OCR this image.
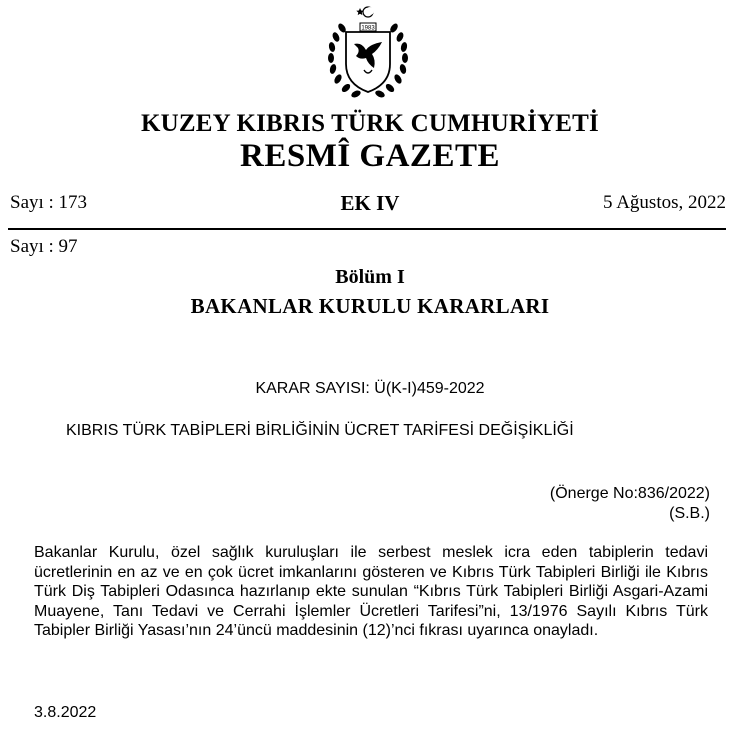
1983
KUZEY KIBRIS TÜRK CUMHURİYETİ
RESMÎ GAZETE
Sayı : 173	EK IV	5 Ağustos, 2022
Sayı : 97
Bölüm I
BAKANLAR KURULU KARARLARI
KARAR SAYISI: Ü(K-I)459-2022
KIBRIS TÜRK TABİPLERİ BİRLİĞİNİN ÜCRET TARİFESİ DEĞİŞİKLİĞİ
(Önerge No:836/2022)
(S.B.)
Bakanlar Kurulu, özel sağlık kuruluşları ile serbest meslek icra eden tabiplerin tedavi ücretlerinin en az ve en çok ücret imkanlarını gösteren ve Kıbrıs Türk Tabipleri Birliği ile Kıbrıs Türk Diş Tabipleri Odasınca hazırlanıp ekte sunulan “Kıbrıs Türk Tabipleri Birliği Asgari-Azami Muayene, Tanı Tedavi ve Cerrahi İşlemler Ücretleri Tarifesi”ni, 13/1976 Sayılı Kıbrıs Türk Tabipler Birliği Yasası’nın 24’üncü maddesinin (12)’nci fıkrası uyarınca onayladı.
3.8.2022
